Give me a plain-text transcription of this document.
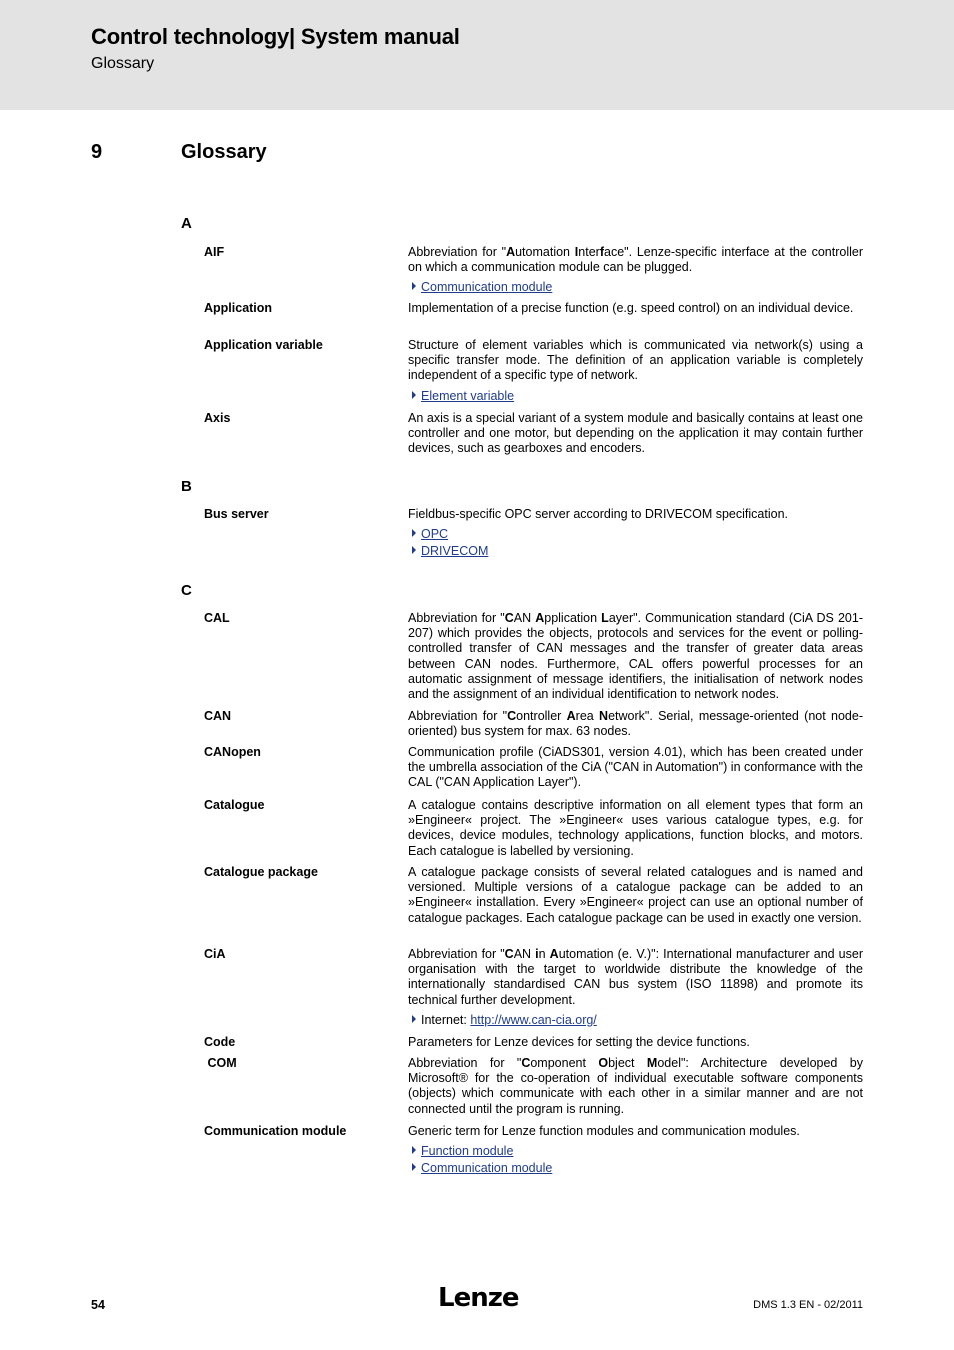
Control technology| System manual
Glossary
9	Glossary
A
AIF	Abbreviation for "Automation Interface". Lenze-specific interface at the controller on which a communication module can be plugged.
Communication module
Application	Implementation of a precise function (e.g. speed control) on an individual device.
Application variable	Structure of element variables which is communicated via network(s) using a specific transfer mode. The definition of an application variable is completely independent of a specific type of network.
Element variable
Axis	An axis is a special variant of a system module and basically contains at least one controller and one motor, but depending on the application it may contain further devices, such as gearboxes and encoders.
B
Bus server	Fieldbus-specific OPC server according to DRIVECOM specification.
OPC
DRIVECOM
C
CAL	Abbreviation for "CAN Application Layer". Communication standard (CiA DS 201-207) which provides the objects, protocols and services for the event or polling-controlled transfer of CAN messages and the transfer of greater data areas between CAN nodes. Furthermore, CAL offers powerful processes for an automatic assignment of message identifiers, the initialisation of network nodes and the assignment of an individual identification to network nodes.
CAN	Abbreviation for "Controller Area Network". Serial, message-oriented (not node-oriented) bus system for max. 63 nodes.
CANopen	Communication profile (CiADS301, version 4.01), which has been created under the umbrella association of the CiA ("CAN in Automation") in conformance with the CAL ("CAN Application Layer").
Catalogue	A catalogue contains descriptive information on all element types that form an »Engineer« project. The »Engineer« uses various catalogue types, e.g. for devices, device modules, technology applications, function blocks, and motors. Each catalogue is labelled by versioning.
Catalogue package	A catalogue package consists of several related catalogues and is named and versioned. Multiple versions of a catalogue package can be added to an »Engineer« installation. Every »Engineer« project can use an optional number of catalogue packages. Each catalogue package can be used in exactly one version.
CiA	Abbreviation for "CAN in Automation (e. V.)": International manufacturer and user organisation with the target to worldwide distribute the knowledge of the internationally standardised CAN bus system (ISO 11898) and promote its technical further development.
Internet: http://www.can-cia.org/
Code	Parameters for Lenze devices for setting the device functions.
COM	Abbreviation for "Component Object Model": Architecture developed by Microsoft® for the co-operation of individual executable software components (objects) which communicate with each other in a similar manner and are not connected until the program is running.
Communication module	Generic term for Lenze function modules and communication modules.
Function module
Communication module
54	Lenze	DMS 1.3 EN - 02/2011
